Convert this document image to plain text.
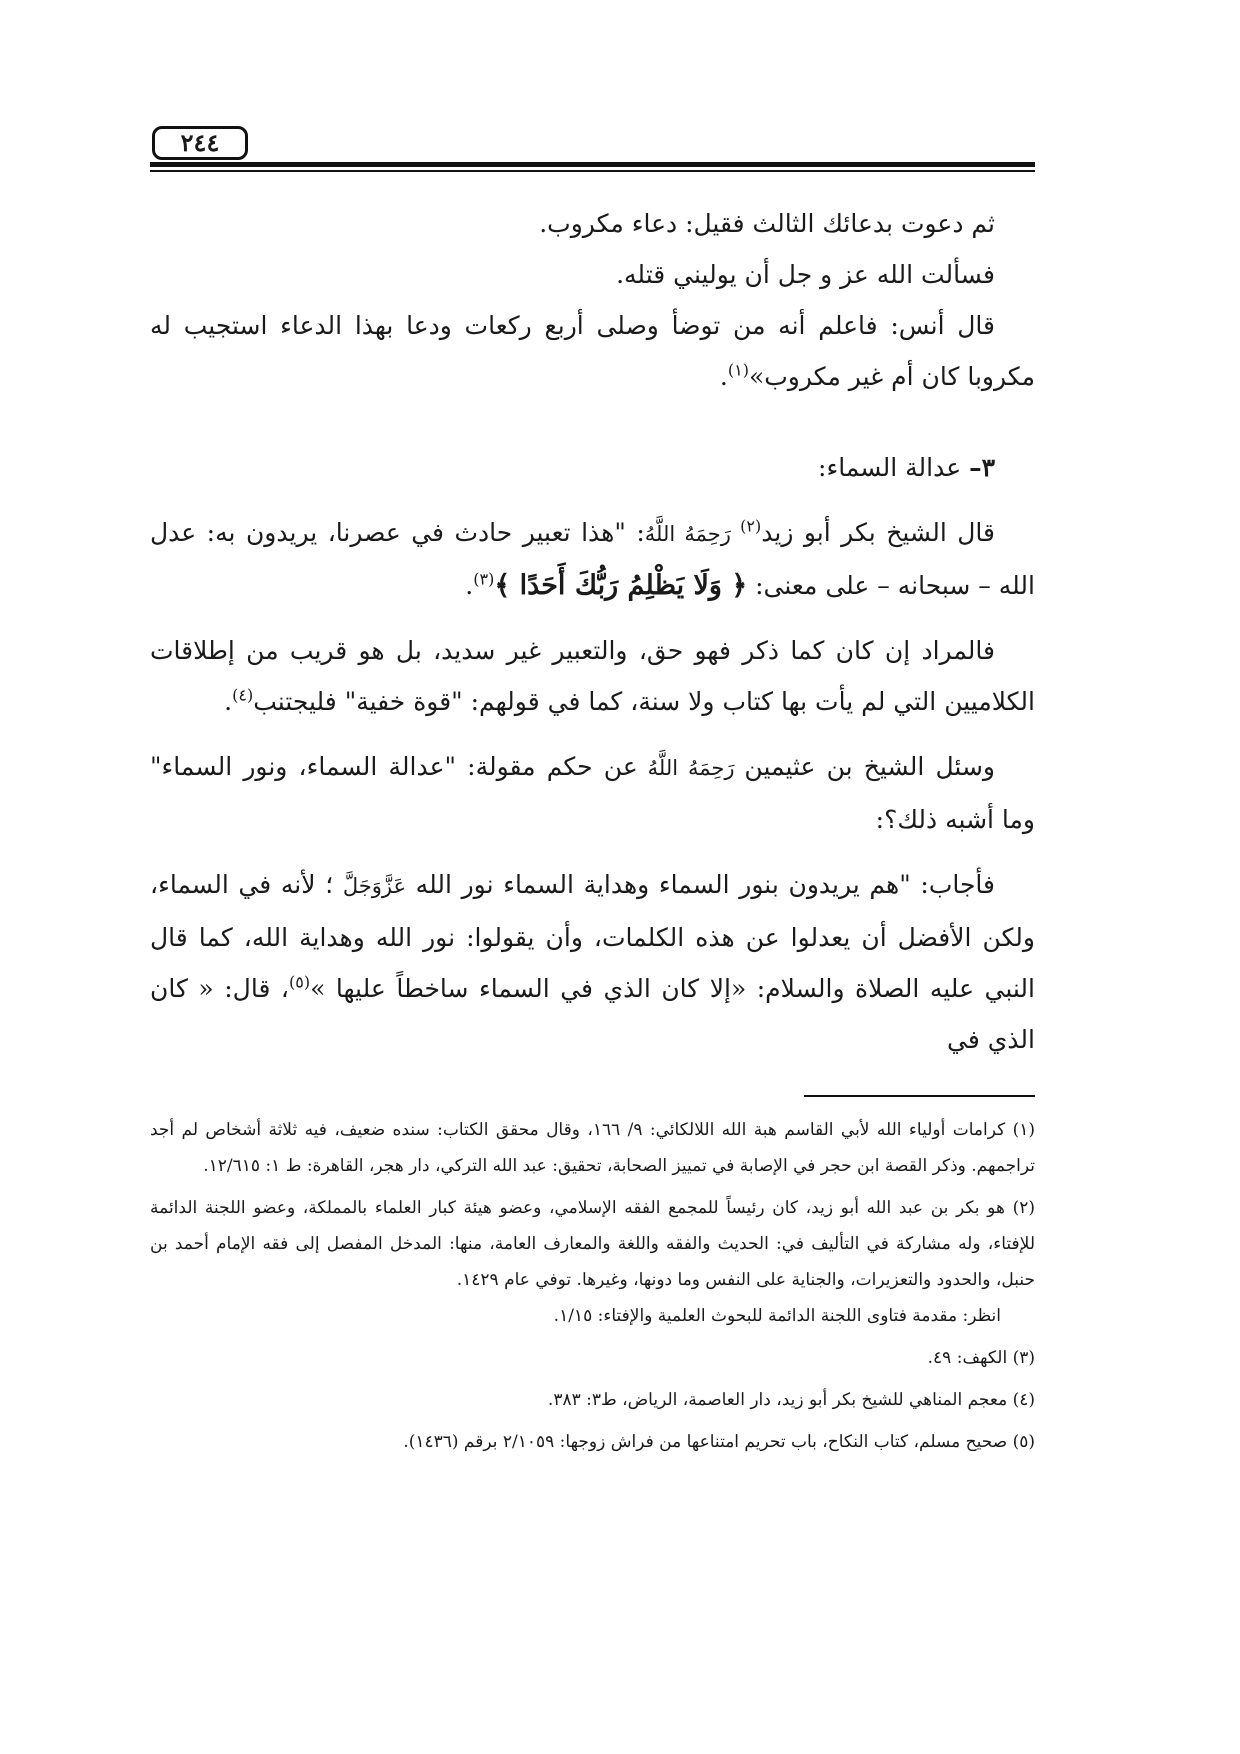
٢٤٤

ثم دعوت بدعائك الثالث فقيل: دعاء مكروب.

فسألت الله عز و جل أن يوليني قتله.

قال أنس: فاعلم أنه من توضأ وصلى أربع ركعات ودعا بهذا الدعاء استجيب له مكروبا كان أم غير مكروب»$^{(١)}$.

٣– عدالة السماء:

قال الشيخ بكر أبو زيد$^{(٢)}$ رَحِمَهُ اللَّهُ: "هذا تعبير حادث في عصرنا، يريدون به: عدل الله – سبحانه – على معنى: ﴿ وَلَا يَظْلِمُ رَبُّكَ أَحَدًا ﴾$^{(٣)}$.

فالمراد إن كان كما ذكر فهو حق، والتعبير غير سديد، بل هو قريب من إطلاقات الكلاميين التي لم يأت بها كتاب ولا سنة، كما في قولهم: "قوة خفية" فليجتنب$^{(٤)}$.

وسئل الشيخ بن عثيمين رَحِمَهُ اللَّهُ عن حكم مقولة: "عدالة السماء، ونور السماء" وما أشبه ذلك؟:

فأجاب: "هم يريدون بنور السماء وهداية السماء نور الله عَزَّوَجَلَّ ؛ لأنه في السماء، ولكن الأفضل أن يعدلوا عن هذه الكلمات، وأن يقولوا: نور الله وهداية الله، كما قال النبي عليه الصلاة والسلام: «إلا كان الذي في السماء ساخطاً عليها »$^{(٥)}$، قال: « كان الذي في

(١) كرامات أولياء الله لأبي القاسم هبة الله اللالكائي: ٩/ ١٦٦، وقال محقق الكتاب: سنده ضعيف، فيه ثلاثة أشخاص لم أجد تراجمهم. وذكر القصة ابن حجر في الإصابة في تمييز الصحابة، تحقيق: عبد الله التركي، دار هجر، القاهرة: ط ١: ١٢/٦١٥.

(٢) هو بكر بن عبد الله أبو زيد، كان رئيساً للمجمع الفقه الإسلامي، وعضو هيئة كبار العلماء بالمملكة، وعضو اللجنة الدائمة للإفتاء، وله مشاركة في التأليف في: الحديث والفقه واللغة والمعارف العامة، منها: المدخل المفصل إلى فقه الإمام أحمد بن حنبل، والحدود والتعزيرات، والجناية على النفس وما دونها، وغيرها. توفي عام ١٤٢٩.

انظر: مقدمة فتاوى اللجنة الدائمة للبحوث العلمية والإفتاء: ١/١٥.

(٣) الكهف: ٤٩.

(٤) معجم المناهي للشيخ بكر أبو زيد، دار العاصمة، الرياض، ط٣: ٣٨٣.

(٥) صحيح مسلم، كتاب النكاح، باب تحريم امتناعها من فراش زوجها: ٢/١٠٥٩ برقم (١٤٣٦).
